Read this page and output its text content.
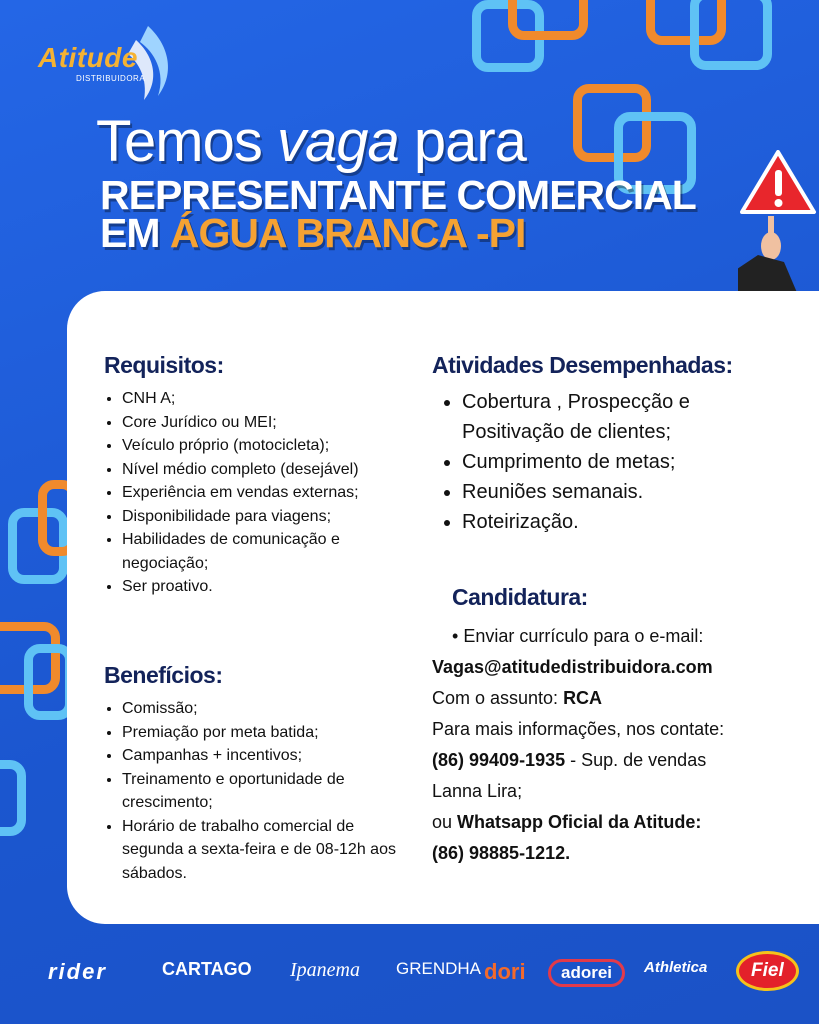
Atitude
DISTRIBUIDORA
Temos vaga para
REPRESENTANTE COMERCIAL
EM ÁGUA BRANCA -PI
Requisitos:
• CNH A;
• Core Jurídico ou MEI;
• Veículo próprio (motocicleta);
• Nível médio completo (desejável)
• Experiência em vendas externas;
• Disponibilidade para viagens;
• Habilidades de comunicação e negociação;
• Ser proativo.
Benefícios:
• Comissão;
• Premiação por meta batida;
• Campanhas + incentivos;
• Treinamento e oportunidade de crescimento;
• Horário de trabalho comercial de segunda a sexta-feira e de 08-12h aos sábados.
Atividades Desempenhadas:
• Cobertura , Prospecção e Positivação de clientes;
• Cumprimento de metas;
• Reuniões semanais.
• Roteirização.
Candidatura:
• Enviar currículo para o e-mail:
Vagas@atitudedistribuidora.com
Com o assunto: RCA
Para mais informações, nos contate:
(86) 99409-1935 - Sup. de vendas
Lanna Lira;
ou Whatsapp Oficial da Atitude:
(86) 98885-1212.
rider	CARTAGO Ipanema GRENDHA dori	adorei	Athletica	Fiel
